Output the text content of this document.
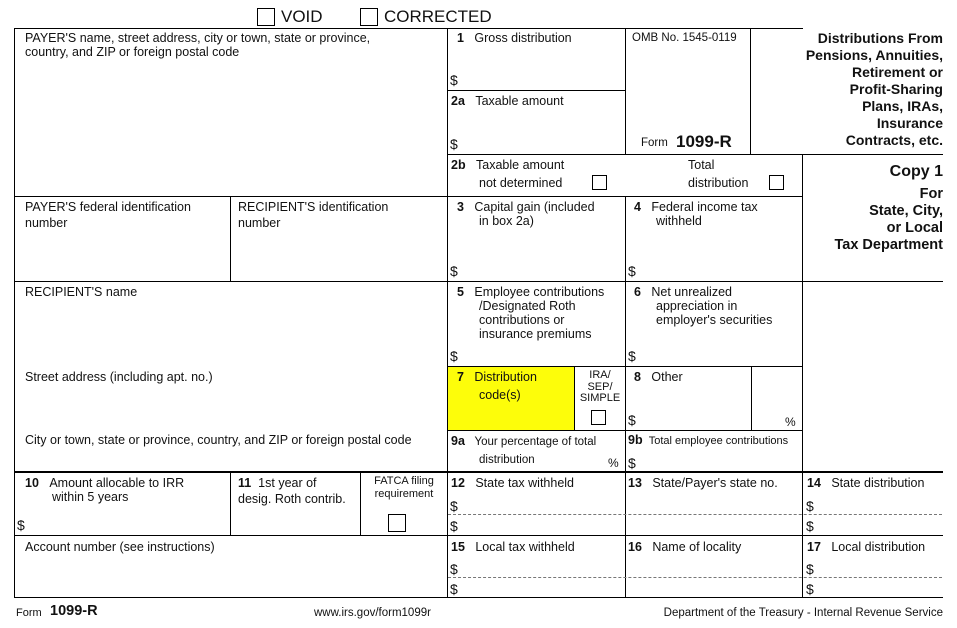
VOID	CORRECTED
PAYER'S name, street address, city or town, state or province,
country, and ZIP or foreign postal code
PAYER'S federal identification
number
RECIPIENT'S identification
number
RECIPIENT'S name
Street address (including apt. no.)
City or town, state or province, country, and ZIP or foreign postal code
1 Gross distribution
$
2a Taxable amount
$
OMB No. 1545-0119
Form 1099-R
Distributions From
Pensions, Annuities,
Retirement or
Profit-Sharing
Plans, IRAs,
Insurance
Contracts, etc.
2b Taxable amount
not determined
Total
distribution
Copy 1
For
State, City,
or Local
Tax Department
3 Capital gain (included
in box 2a)
$
4 Federal income tax
withheld
$
5 Employee contributions
/Designated Roth
contributions or
insurance premiums
$
6 Net unrealized
appreciation in
employer's securities
$
7 Distribution
code(s)
IRA/
SEP/
SIMPLE
8 Other
$	%
9a Your percentage of total
distribution	%
9b Total employee contributions
$
10 Amount allocable to IRR
within 5 years
$
11 1st year of
desig. Roth contrib.
FATCA filing
requirement
12 State tax withheld
$
$
13 State/Payer's state no. 14 State distribution
$
$
Account number (see instructions)	15 Local tax withheld
$
$
16 Name of locality	17 Local distribution
$
$
Form 1099-R	www.irs.gov/form1099r	Department of the Treasury - Internal Revenue Service
